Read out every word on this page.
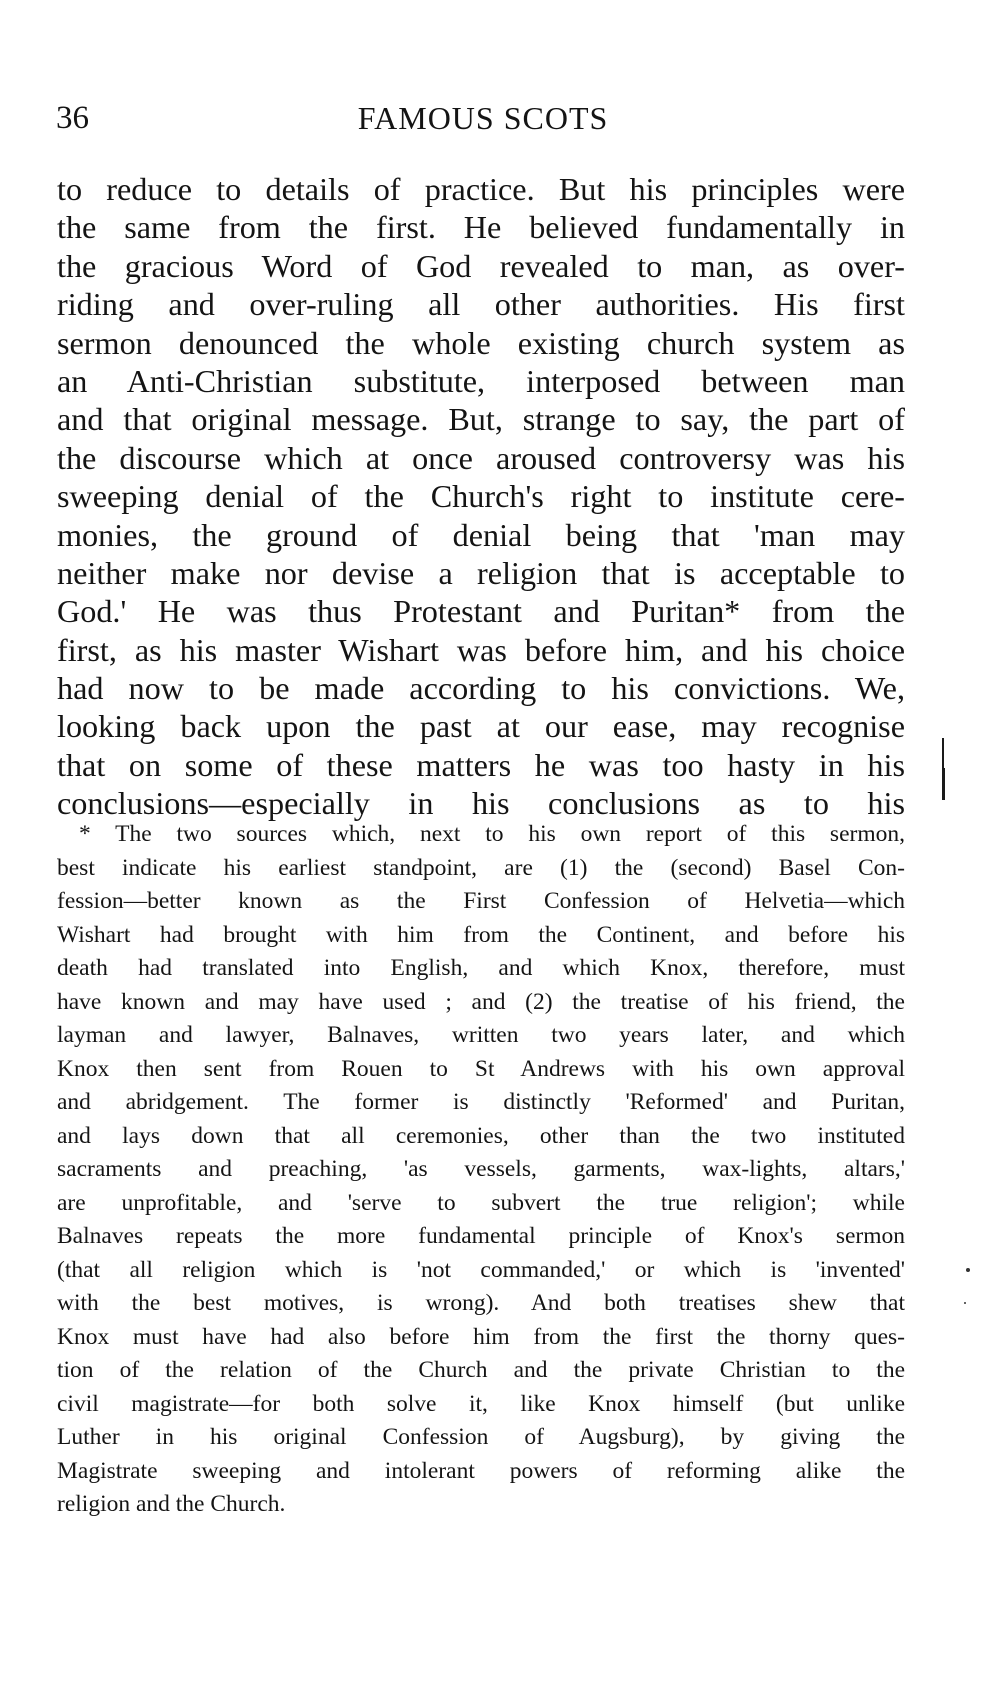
36	FAMOUS SCOTS
to reduce to details of practice. But his principles were
the same from the first. He believed fundamentally in
the gracious Word of God revealed to man, as over-
riding and over-ruling all other authorities. His first
sermon denounced the whole existing church system as
an Anti-Christian substitute, interposed between man
and that original message. But, strange to say, the part of
the discourse which at once aroused controversy was his
sweeping denial of the Church's right to institute cere-
monies, the ground of denial being that 'man may
neither make nor devise a religion that is acceptable to
God.' He was thus Protestant and Puritan* from the
first, as his master Wishart was before him, and his choice
had now to be made according to his convictions. We,
looking back upon the past at our ease, may recognise
that on some of these matters he was too hasty in his
conclusions—especially in his conclusions as to his
* The two sources which, next to his own report of this sermon,
best indicate his earliest standpoint, are (1) the (second) Basel Con-
fession—better known as the First Confession of Helvetia—which
Wishart had brought with him from the Continent, and before his
death had translated into English, and which Knox, therefore, must
have known and may have used ; and (2) the treatise of his friend, the
layman and lawyer, Balnaves, written two years later, and which
Knox then sent from Rouen to St Andrews with his own approval
and abridgement. The former is distinctly 'Reformed' and Puritan,
and lays down that all ceremonies, other than the two instituted
sacraments and preaching, 'as vessels, garments, wax-lights, altars,'
are unprofitable, and 'serve to subvert the true religion'; while
Balnaves repeats the more fundamental principle of Knox's sermon
(that all religion which is 'not commanded,' or which is 'invented'
with the best motives, is wrong). And both treatises shew that
Knox must have had also before him from the first the thorny ques-
tion of the relation of the Church and the private Christian to the
civil magistrate—for both solve it, like Knox himself (but unlike
Luther in his original Confession of Augsburg), by giving the
Magistrate sweeping and intolerant powers of reforming alike the
religion and the Church.
